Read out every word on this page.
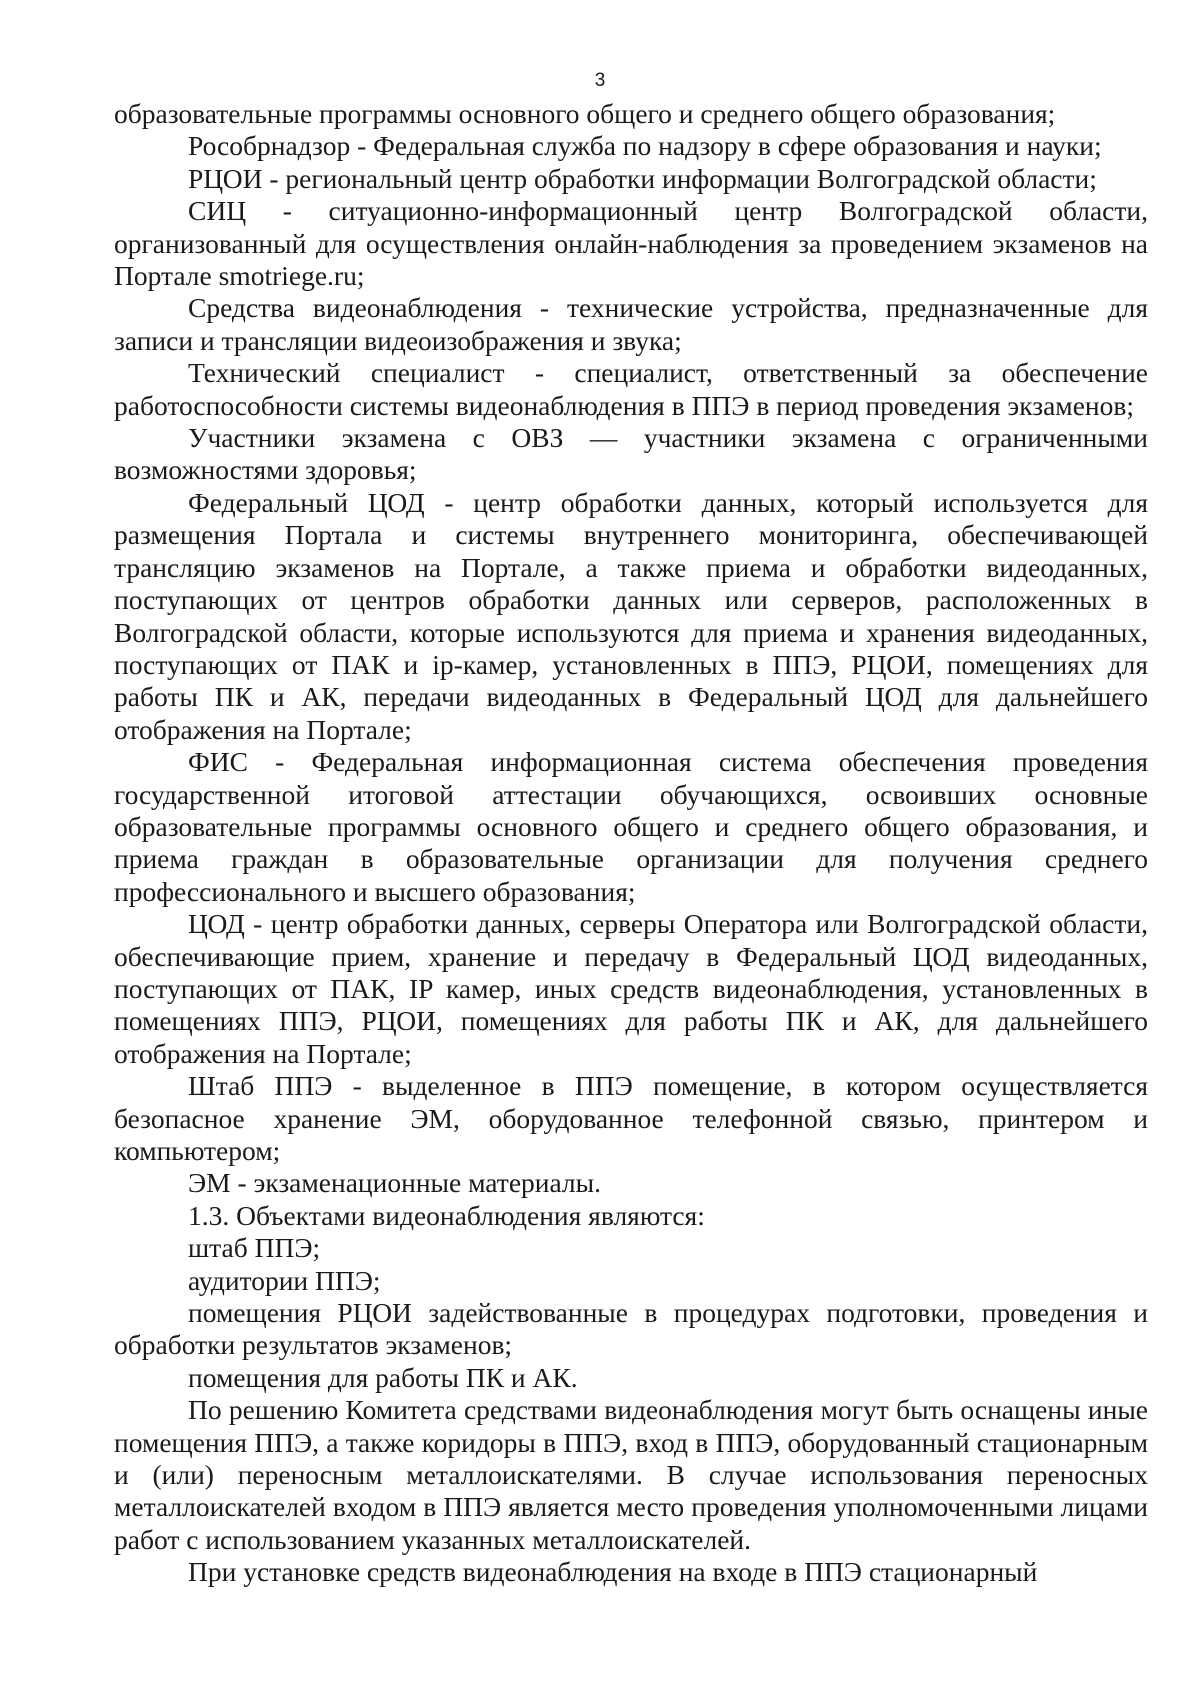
3

образовательные программы основного общего и среднего общего образования;

Рособрнадзор - Федеральная служба по надзору в сфере образования и науки;

РЦОИ - региональный центр обработки информации Волгоградской области;

СИЦ - ситуационно-информационный центр Волгоградской области, организованный для осуществления онлайн-наблюдения за проведением экзаменов на Портале smotriege.ru;

Средства видеонаблюдения - технические устройства, предназначенные для записи и трансляции видеоизображения и звука;

Технический специалист - специалист, ответственный за обеспечение работоспособности системы видеонаблюдения в ППЭ в период проведения экзаменов;

Участники экзамена с ОВЗ — участники экзамена с ограниченными возможностями здоровья;

Федеральный ЦОД - центр обработки данных, который используется для размещения Портала и системы внутреннего мониторинга, обеспечивающей трансляцию экзаменов на Портале, а также приема и обработки видеоданных, поступающих от центров обработки данных или серверов, расположенных в Волгоградской области, которые используются для приема и хранения видеоданных, поступающих от ПАК и ip-камер, установленных в ППЭ, РЦОИ, помещениях для работы ПК и АК, передачи видеоданных в Федеральный ЦОД для дальнейшего отображения на Портале;

ФИС - Федеральная информационная система обеспечения проведения государственной итоговой аттестации обучающихся, освоивших основные образовательные программы основного общего и среднего общего образования, и приема граждан в образовательные организации для получения среднего профессионального и высшего образования;

ЦОД - центр обработки данных, серверы Оператора или Волгоградской области, обеспечивающие прием, хранение и передачу в Федеральный ЦОД видеоданных, поступающих от ПАК, IP камер, иных средств видеонаблюдения, установленных в помещениях ППЭ, РЦОИ, помещениях для работы ПК и АК, для дальнейшего отображения на Портале;

Штаб ППЭ - выделенное в ППЭ помещение, в котором осуществляется безопасное хранение ЭМ, оборудованное телефонной связью, принтером и компьютером;

ЭМ - экзаменационные материалы.

1.3. Объектами видеонаблюдения являются:

штаб ППЭ;

аудитории ППЭ;

помещения РЦОИ задействованные в процедурах подготовки, проведения и обработки результатов экзаменов;

помещения для работы ПК и АК.

По решению Комитета средствами видеонаблюдения могут быть оснащены иные помещения ППЭ, а также коридоры в ППЭ, вход в ППЭ, оборудованный стационарным и (или) переносным металлоискателями. В случае использования переносных металлоискателей входом в ППЭ является место проведения уполномоченными лицами работ с использованием указанных металлоискателей.

При установке средств видеонаблюдения на входе в ППЭ стационарный
